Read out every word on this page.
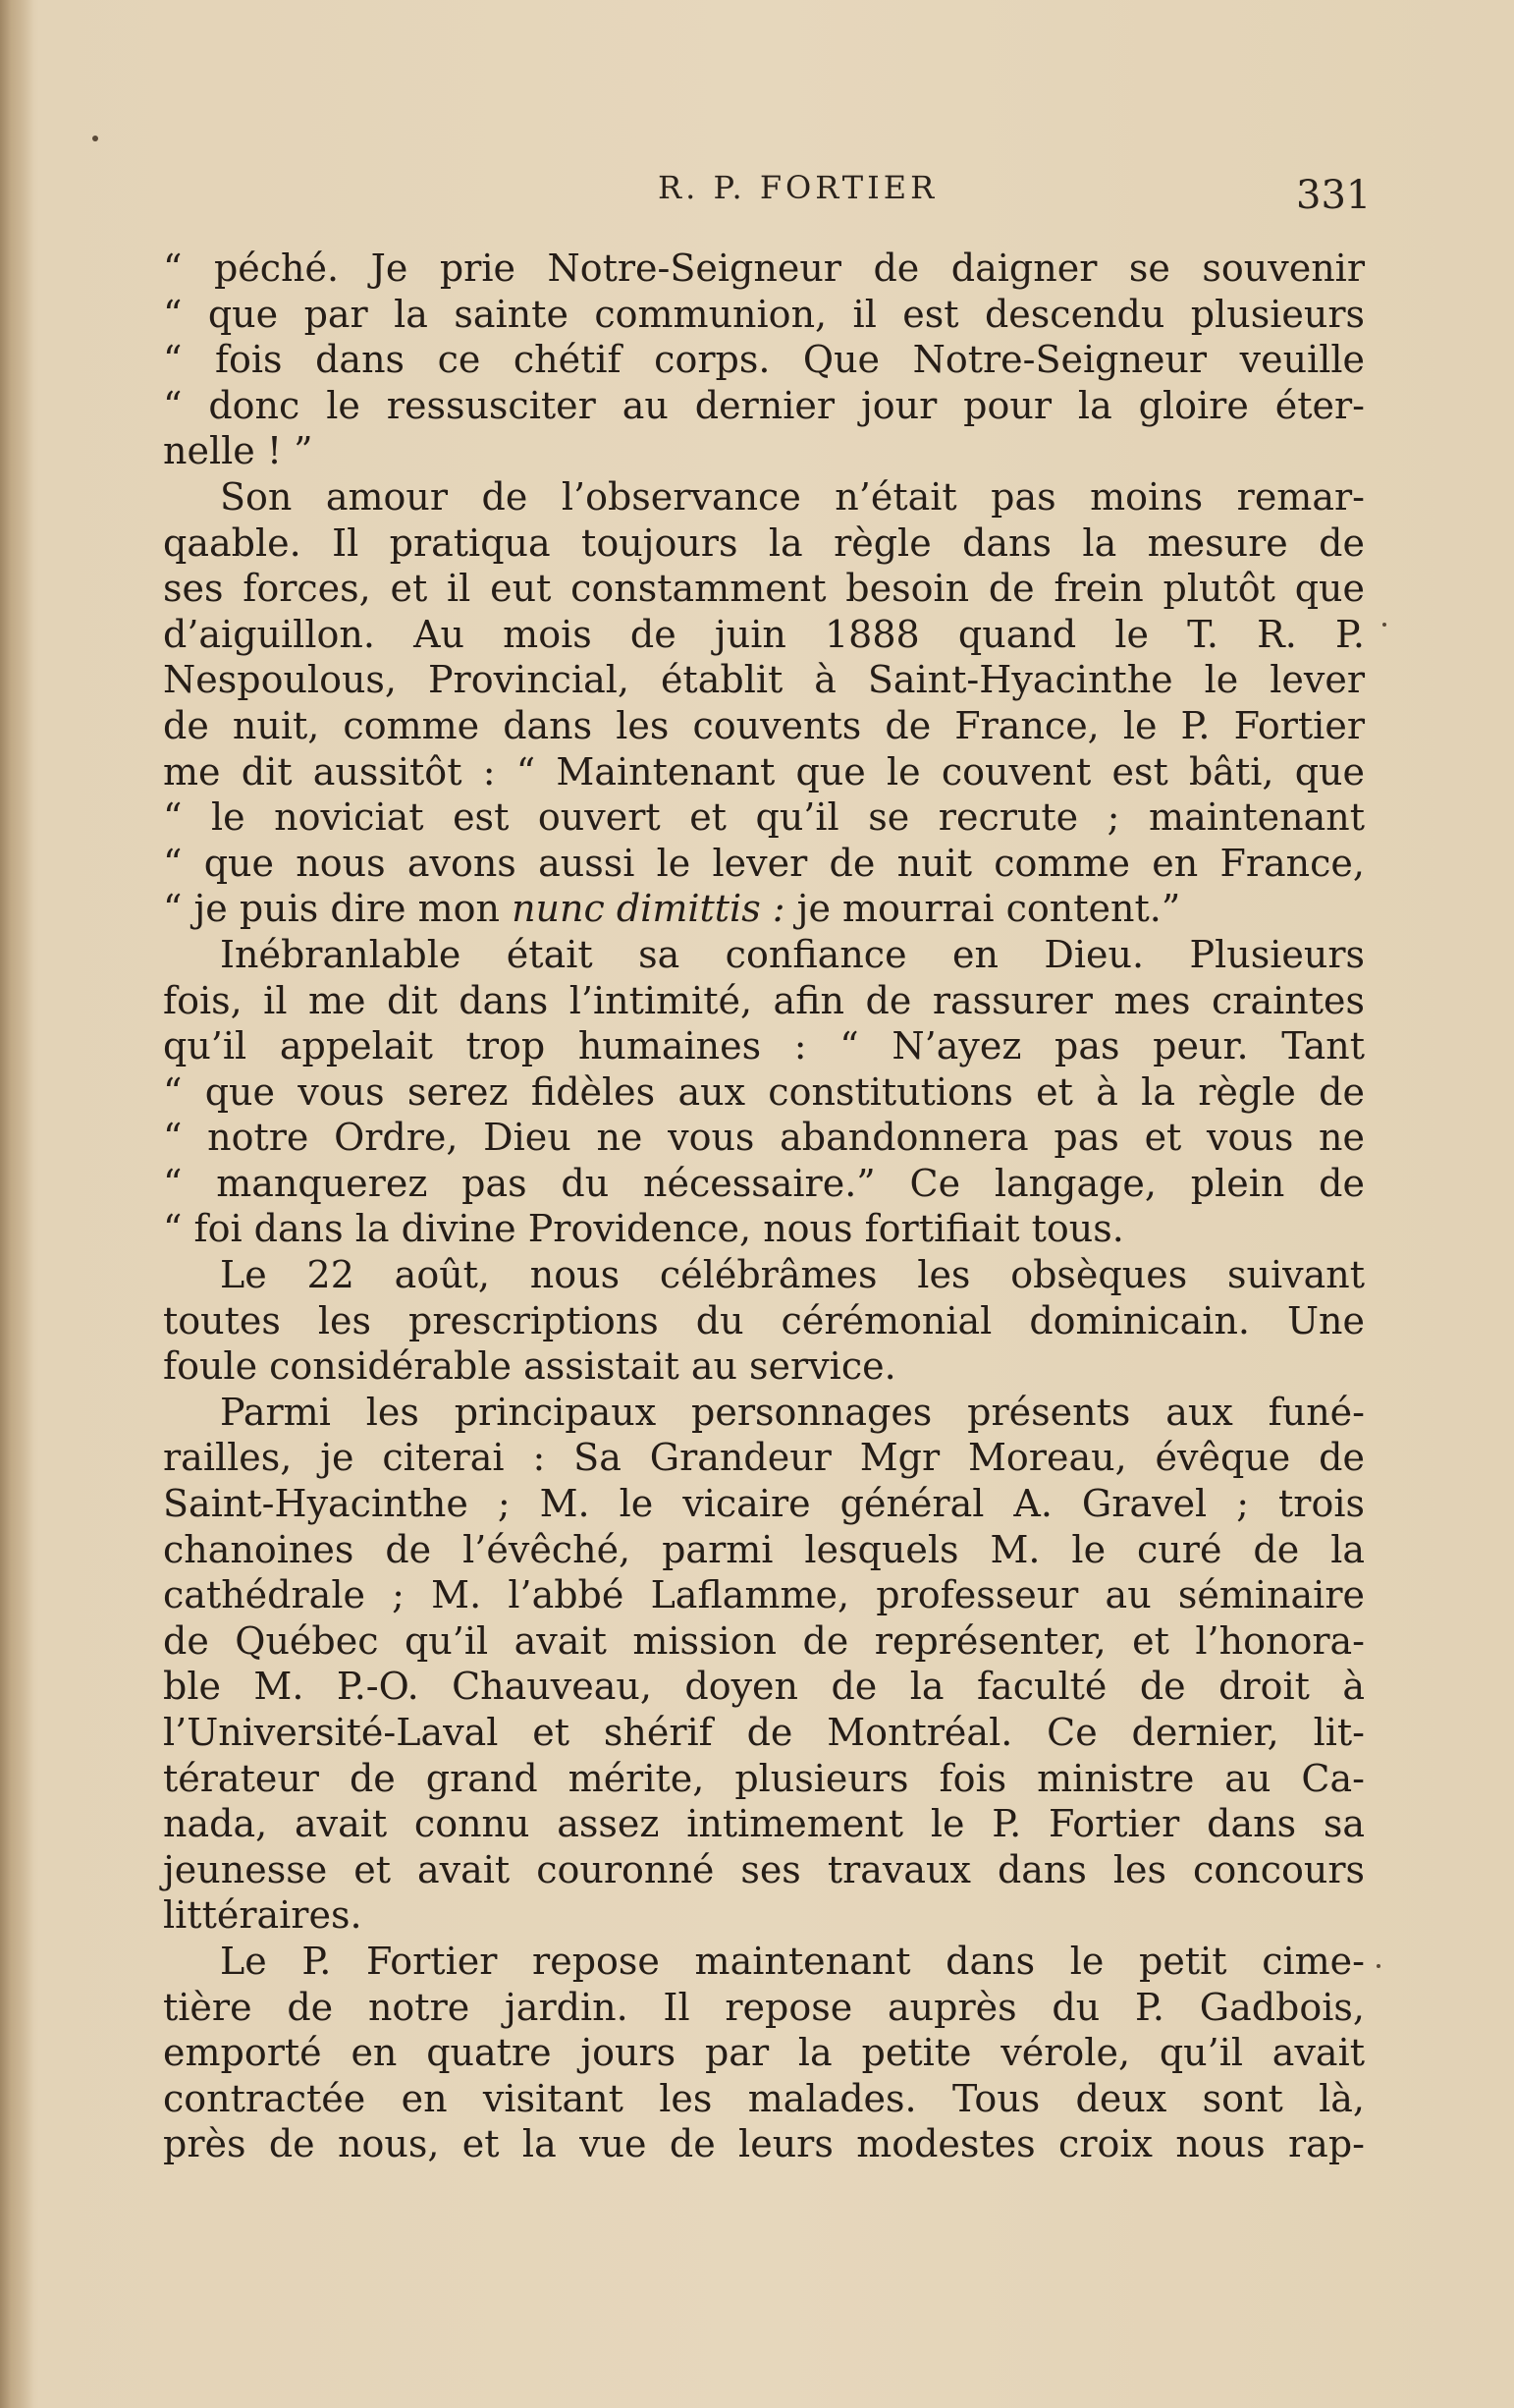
R. P. FORTIER	331
“ péché. Je prie Notre-Seigneur de daigner se souvenir
“ que par la sainte communion, il est descendu plusieurs
“ fois dans ce chétif corps. Que Notre-Seigneur veuille
“ donc le ressusciter au dernier jour pour la gloire éter-
nelle ! ”
Son amour de l’observance n’était pas moins remar-
qaable. Il pratiqua toujours la règle dans la mesure de
ses forces, et il eut constamment besoin de frein plutôt que
d’aiguillon. Au mois de juin 1888 quand le T. R. P.
Nespoulous, Provincial, établit à Saint-Hyacinthe le lever
de nuit, comme dans les couvents de France, le P. Fortier
me dit aussitôt : “ Maintenant que le couvent est bâti, que
“ le noviciat est ouvert et qu’il se recrute ; maintenant
“ que nous avons aussi le lever de nuit comme en France,
“ je puis dire mon nunc dimittis : je mourrai content.”
Inébranlable était sa confiance en Dieu. Plusieurs
fois, il me dit dans l’intimité, afin de rassurer mes craintes
qu’il appelait trop humaines : “ N’ayez pas peur. Tant
“ que vous serez fidèles aux constitutions et à la règle de
“ notre Ordre, Dieu ne vous abandonnera pas et vous ne
“ manquerez pas du nécessaire.” Ce langage, plein de
“ foi dans la divine Providence, nous fortifiait tous.
Le 22 août, nous célébrâmes les obsèques suivant
toutes les prescriptions du cérémonial dominicain. Une
foule considérable assistait au service.
Parmi les principaux personnages présents aux funé-
railles, je citerai : Sa Grandeur Mgr Moreau, évêque de
Saint-Hyacinthe ; M. le vicaire général A. Gravel ; trois
chanoines de l’évêché, parmi lesquels M. le curé de la
cathédrale ; M. l’abbé Laflamme, professeur au séminaire
de Québec qu’il avait mission de représenter, et l’honora-
ble M. P.-O. Chauveau, doyen de la faculté de droit à
l’Université-Laval et shérif de Montréal. Ce dernier, lit-
térateur de grand mérite, plusieurs fois ministre au Ca-
nada, avait connu assez intimement le P. Fortier dans sa
jeunesse et avait couronné ses travaux dans les concours
littéraires.
Le P. Fortier repose maintenant dans le petit cime-
tière de notre jardin. Il repose auprès du P. Gadbois,
emporté en quatre jours par la petite vérole, qu’il avait
contractée en visitant les malades. Tous deux sont là,
près de nous, et la vue de leurs modestes croix nous rap-
